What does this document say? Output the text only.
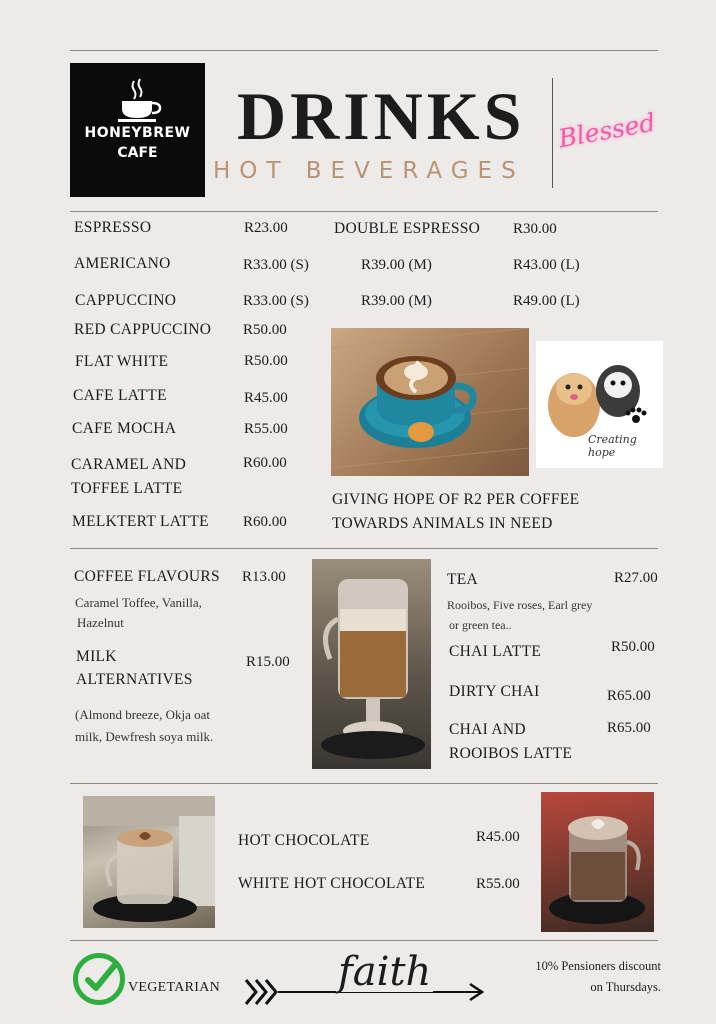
HONEYBREW
CAFE	DRINKS
HOT BEVERAGES
Blessed
ESPRESSO	R23.00	DOUBLE ESPRESSO R30.00
AMERICANO	R33.00 (S)	R39.00 (M)	R43.00 (L)
CAPPUCCINO	R33.00 (S)	R39.00 (M)	R49.00 (L)
RED CAPPUCCINO R50.00
FLAT WHITE	R50.00
CAFE LATTE	R45.00
CAFE MOCHA	R55.00
CARAMEL AND
TOFFEE LATTE
R60.00
MELKTERT LATTE R60.00
Creating hope
GIVING HOPE OF R2 PER COFFEE
TOWARDS ANIMALS IN NEED
COFFEE FLAVOURS R13.00
Caramel Toffee, Vanilla,
Hazelnut
MILK
ALTERNATIVES
R15.00
(Almond breeze, Okja oat
milk, Dewfresh soya milk.
TEA	R27.00
Rooibos, Five roses, Earl grey
or green tea..
CHAI LATTE	R50.00
DIRTY CHAI	R65.00
CHAI AND
ROOIBOS LATTE
R65.00
HOT CHOCOLATE	R45.00
WHITE HOT CHOCOLATE	R55.00
VEGETARIAN	faith	10% Pensioners discount
on Thursdays.
